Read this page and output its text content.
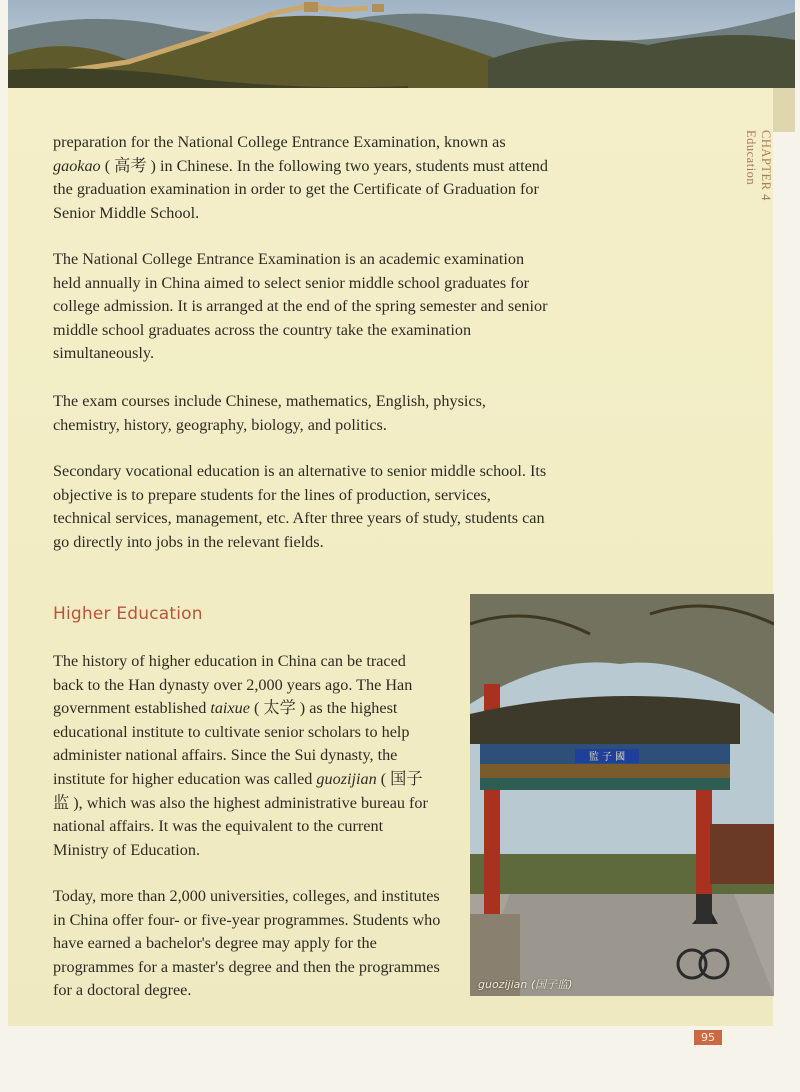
CHAPTER 4
Education

preparation for the National College Entrance Examination, known as gaokao ( 高考 ) in Chinese. In the following two years, students must attend the graduation examination in order to get the Certificate of Graduation for Senior Middle School.

The National College Entrance Examination is an academic examination held annually in China aimed to select senior middle school graduates for college admission. It is arranged at the end of the spring semester and senior middle school graduates across the country take the examination simultaneously.

The exam courses include Chinese, mathematics, English, physics, chemistry, history, geography, biology, and politics.

Secondary vocational education is an alternative to senior middle school. Its objective is to prepare students for the lines of production, services, technical services, management, etc. After three years of study, students can go directly into jobs in the relevant fields.

Higher Education

The history of higher education in China can be traced back to the Han dynasty over 2,000 years ago. The Han government established taixue ( 太学 ) as the highest educational institute to cultivate senior scholars to help administer national affairs. Since the Sui dynasty, the institute for higher education was called guozijian ( 国子监 ), which was also the highest administrative bureau for national affairs. It was the equivalent to the current Ministry of Education.

Today, more than 2,000 universities, colleges, and institutes in China offer four- or five-year programmes. Students who have earned a bachelor's degree may apply for the programmes for a master's degree and then the programmes for a doctoral degree.

監 子 國
guozijian (国子监)
95
